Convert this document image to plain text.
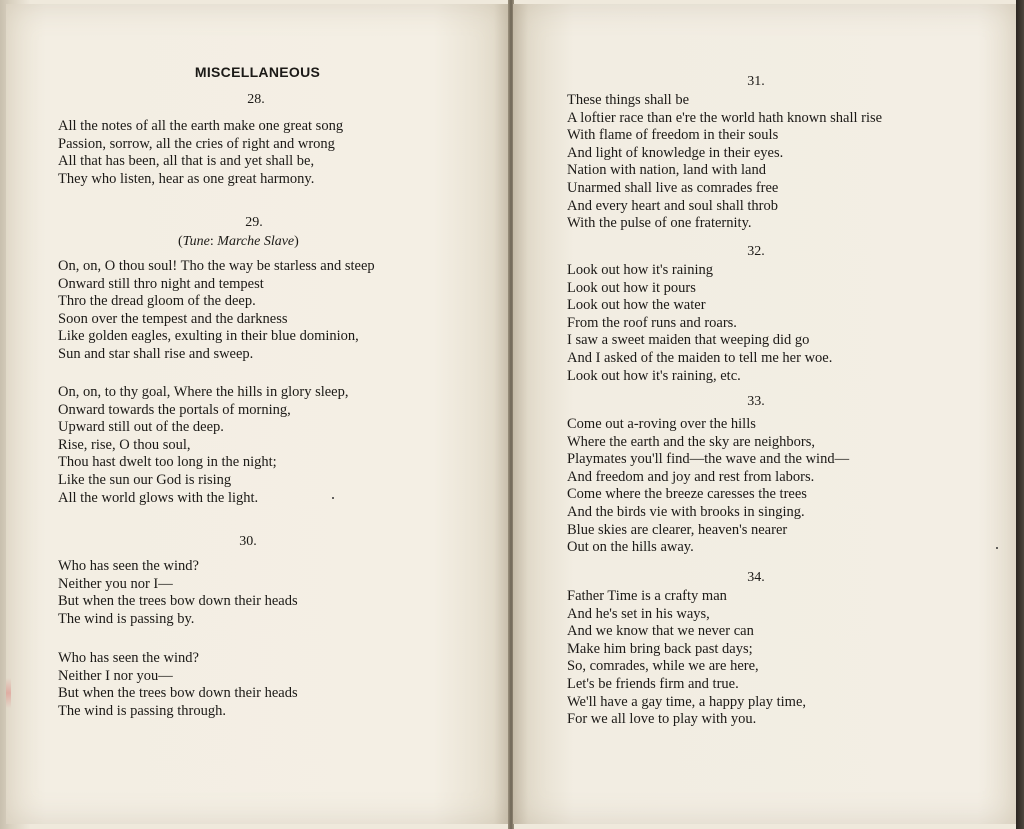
MISCELLANEOUS
28.
All the notes of all the earth make one great song
Passion, sorrow, all the cries of right and wrong
All that has been, all that is and yet shall be,
They who listen, hear as one great harmony.
29.
(Tune: Marche Slave)
On, on, O thou soul! Tho the way be starless and steep
Onward still thro night and tempest
Thro the dread gloom of the deep.
Soon over the tempest and the darkness
Like golden eagles, exulting in their blue dominion,
Sun and star shall rise and sweep.
On, on, to thy goal, Where the hills in glory sleep,
Onward towards the portals of morning,
Upward still out of the deep.
Rise, rise, O thou soul,
Thou hast dwelt too long in the night;
Like the sun our God is rising
All the world glows with the light.
30.
Who has seen the wind?
Neither you nor I—
But when the trees bow down their heads
The wind is passing by.
Who has seen the wind?
Neither I nor you—
But when the trees bow down their heads
The wind is passing through.
31.
These things shall be
A loftier race than e're the world hath known shall rise
With flame of freedom in their souls
And light of knowledge in their eyes.
Nation with nation, land with land
Unarmed shall live as comrades free
And every heart and soul shall throb
With the pulse of one fraternity.
32.
Look out how it's raining
Look out how it pours
Look out how the water
From the roof runs and roars.
I saw a sweet maiden that weeping did go
And I asked of the maiden to tell me her woe.
Look out how it's raining, etc.
33.
Come out a-roving over the hills
Where the earth and the sky are neighbors,
Playmates you'll find—the wave and the wind—
And freedom and joy and rest from labors.
Come where the breeze caresses the trees
And the birds vie with brooks in singing.
Blue skies are clearer, heaven's nearer
Out on the hills away.
34.
Father Time is a crafty man
And he's set in his ways,
And we know that we never can
Make him bring back past days;
So, comrades, while we are here,
Let's be friends firm and true.
We'll have a gay time, a happy play time,
For we all love to play with you.
